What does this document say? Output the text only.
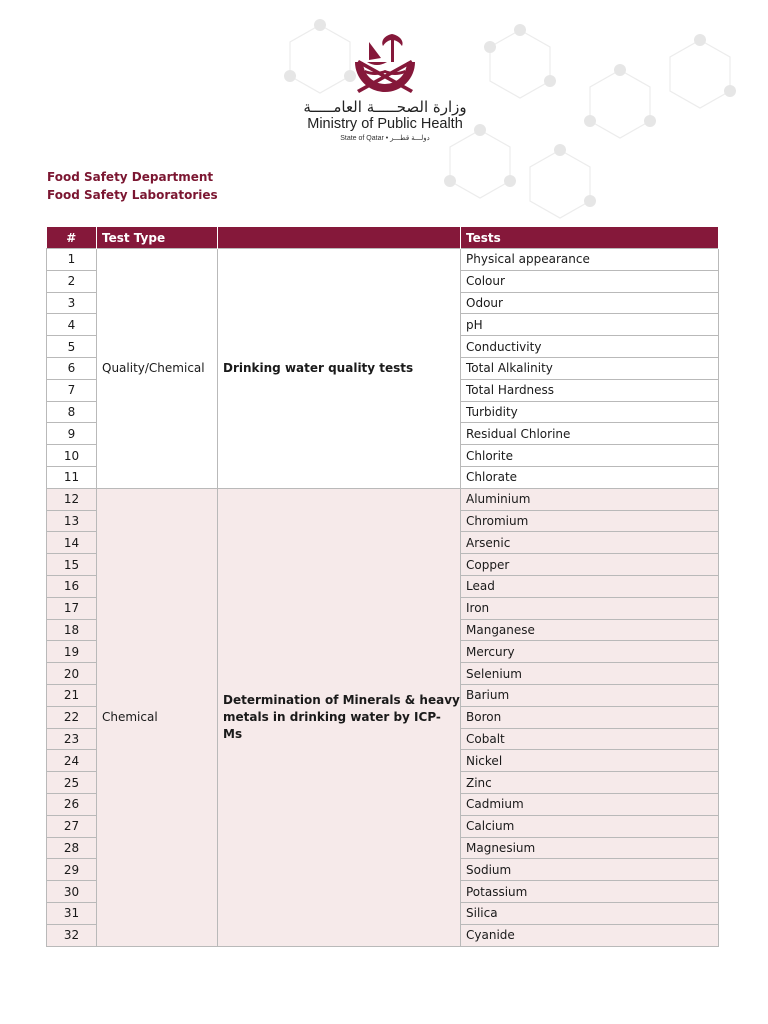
وزارة الصحـــــة العامـــــة
Ministry of Public Health
State of Qatar • دولـــة قطـــر
Food Safety Department
Food Safety Laboratories
#	Test Type		Tests
1	Quality/Chemical	Drinking water quality tests	Physical appearance
2			Colour
3			Odour
4			pH
5			Conductivity
6			Total Alkalinity
7			Total Hardness
8			Turbidity
9			Residual Chlorine
10			Chlorite
11			Chlorate
12	Chemical	Determination of Minerals & heavy metals in drinking water by ICP- Ms	Aluminium
13			Chromium
14			Arsenic
15			Copper
16			Lead
17			Iron
18			Manganese
19			Mercury
20			Selenium
21			Barium
22			Boron
23			Cobalt
24			Nickel
25			Zinc
26			Cadmium
27			Calcium
28			Magnesium
29			Sodium
30			Potassium
31			Silica
32			Cyanide
